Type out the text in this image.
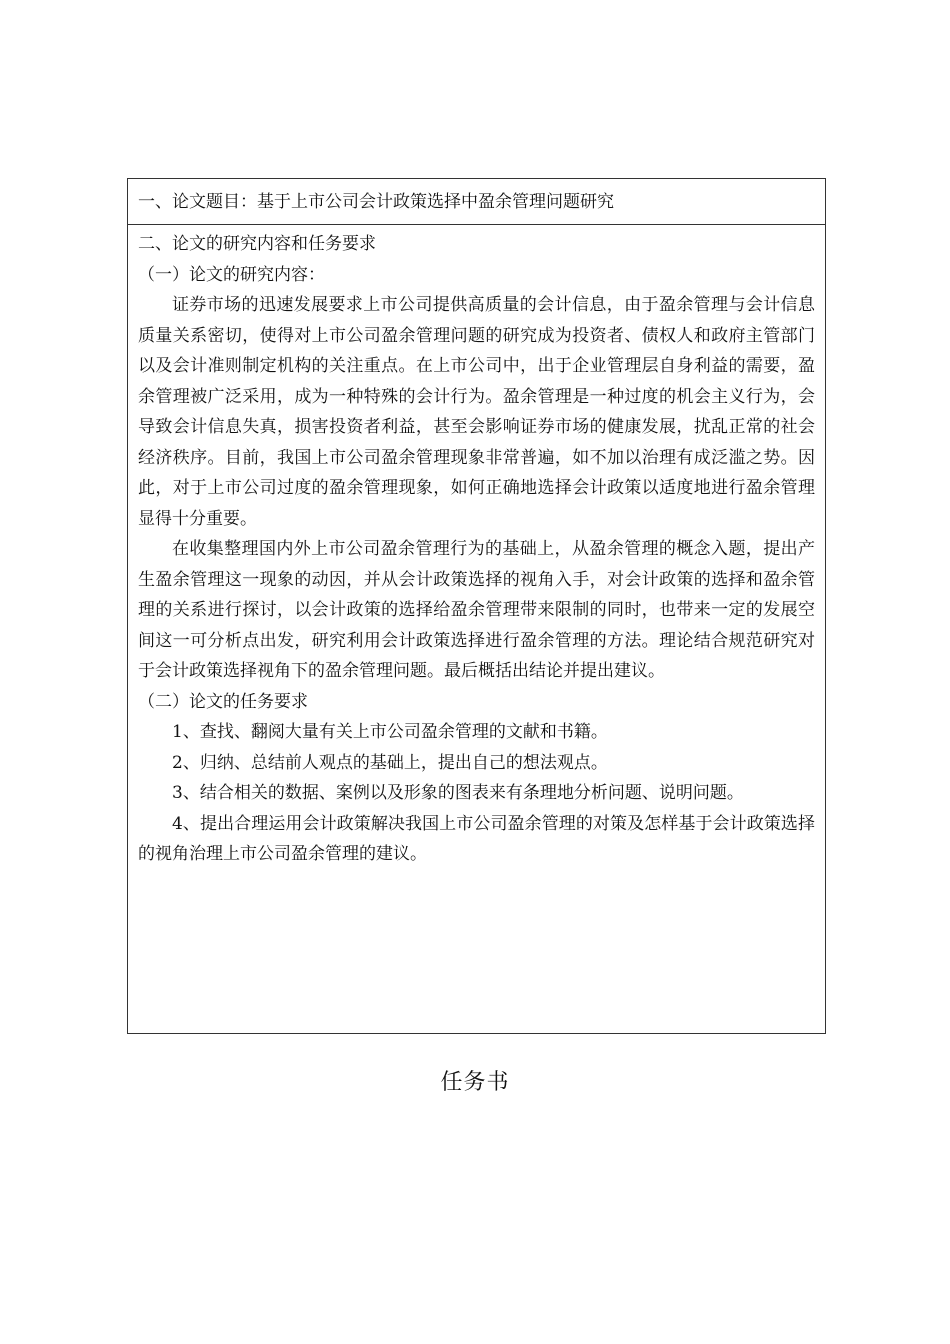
一、论文题目：基于上市公司会计政策选择中盈余管理问题研究
二、论文的研究内容和任务要求
（一）论文的研究内容：

证券市场的迅速发展要求上市公司提供高质量的会计信息，由于盈余管理与会计信息质量关系密切，使得对上市公司盈余管理问题的研究成为投资者、债权人和政府主管部门以及会计准则制定机构的关注重点。在上市公司中，出于企业管理层自身利益的需要，盈余管理被广泛采用，成为一种特殊的会计行为。盈余管理是一种过度的机会主义行为，会导致会计信息失真，损害投资者利益，甚至会影响证券市场的健康发展，扰乱正常的社会经济秩序。目前，我国上市公司盈余管理现象非常普遍，如不加以治理有成泛滥之势。因此，对于上市公司过度的盈余管理现象，如何正确地选择会计政策以适度地进行盈余管理显得十分重要。

在收集整理国内外上市公司盈余管理行为的基础上，从盈余管理的概念入题，提出产生盈余管理这一现象的动因，并从会计政策选择的视角入手，对会计政策的选择和盈余管理的关系进行探讨，以会计政策的选择给盈余管理带来限制的同时，也带来一定的发展空间这一可分析点出发，研究利用会计政策选择进行盈余管理的方法。理论结合规范研究对于会计政策选择视角下的盈余管理问题。最后概括出结论并提出建议。

（二）论文的任务要求

1、查找、翻阅大量有关上市公司盈余管理的文献和书籍。

2、归纳、总结前人观点的基础上，提出自己的想法观点。

3、结合相关的数据、案例以及形象的图表来有条理地分析问题、说明问题。

4、提出合理运用会计政策解决我国上市公司盈余管理的对策及怎样基于会计政策选择的视角治理上市公司盈余管理的建议。

任务书
